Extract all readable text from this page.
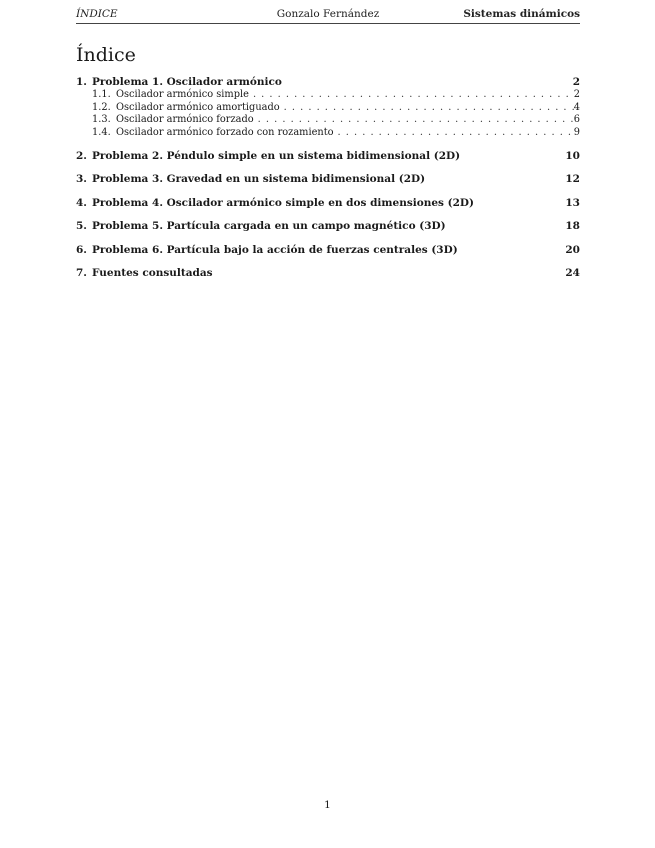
ÍNDICE	Gonzalo Fernández	Sistemas dinámicos
Índice
1. Problema 1. Oscilador armónico	2
1.1. Oscilador armónico simple . . .	2
1.2. Oscilador armónico amortiguado . . .	4
1.3. Oscilador armónico forzado . . .	6
1.4. Oscilador armónico forzado con rozamiento . . .	9
2. Problema 2. Péndulo simple en un sistema bidimensional (2D)	10
3. Problema 3. Gravedad en un sistema bidimensional (2D)	12
4. Problema 4. Oscilador armónico simple en dos dimensiones (2D)	13
5. Problema 5. Partícula cargada en un campo magnético (3D)	18
6. Problema 6. Partícula bajo la acción de fuerzas centrales (3D)	20
7. Fuentes consultadas	24
1
